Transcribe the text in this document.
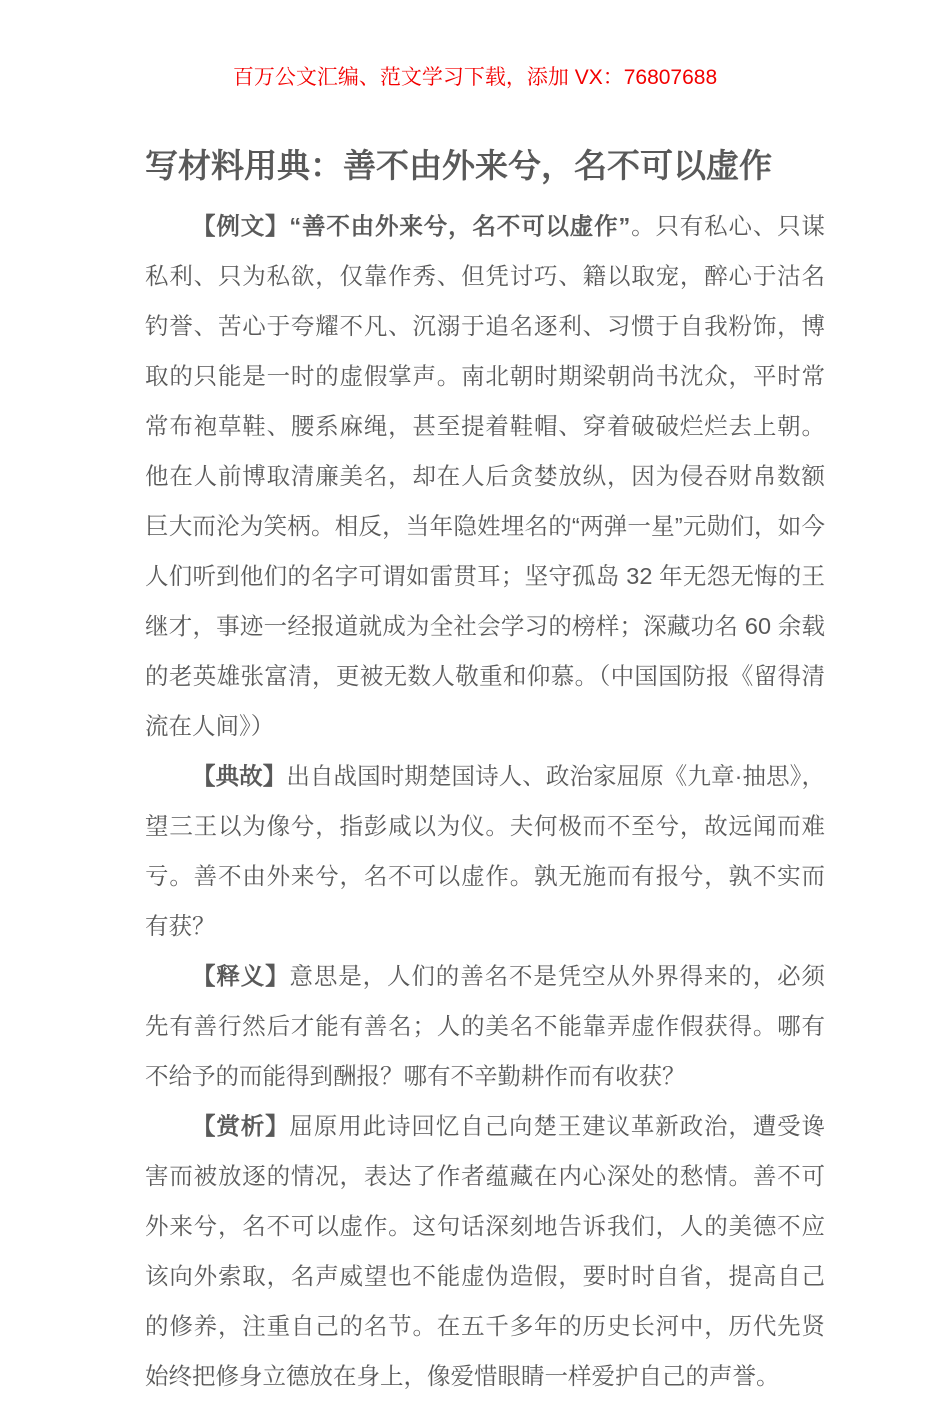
百万公文汇编、范文学习下载，添加 VX：76807688
写材料用典：善不由外来兮，名不可以虚作

【例文】“善不由外来兮，名不可以虚作”。只有私心、只谋私利、只为私欲，仅靠作秀、但凭讨巧、籍以取宠，醉心于沽名钓誉、苦心于夸耀不凡、沉溺于追名逐利、习惯于自我粉饰，博取的只能是一时的虚假掌声。南北朝时期梁朝尚书沈众，平时常常布袍草鞋、腰系麻绳，甚至提着鞋帽、穿着破破烂烂去上朝。他在人前博取清廉美名，却在人后贪婪放纵，因为侵吞财帛数额巨大而沦为笑柄。相反，当年隐姓埋名的“两弹一星”元勋们，如今人们听到他们的名字可谓如雷贯耳；坚守孤岛 32 年无怨无悔的王继才，事迹一经报道就成为全社会学习的榜样；深藏功名 60 余载的老英雄张富清，更被无数人敬重和仰慕。（中国国防报《留得清流在人间》）

【典故】出自战国时期楚国诗人、政治家屈原《九章·抽思》，望三王以为像兮，指彭咸以为仪。夫何极而不至兮，故远闻而难亏。善不由外来兮，名不可以虚作。孰无施而有报兮，孰不实而有获？

【释义】意思是，人们的善名不是凭空从外界得来的，必须先有善行然后才能有善名；人的美名不能靠弄虚作假获得。哪有不给予的而能得到酬报？哪有不辛勤耕作而有收获？

【赏析】屈原用此诗回忆自己向楚王建议革新政治，遭受谗害而被放逐的情况，表达了作者蕴藏在内心深处的愁情。善不可外来兮，名不可以虚作。这句话深刻地告诉我们，人的美德不应该向外索取，名声威望也不能虚伪造假，要时时自省，提高自己的修养，注重自己的名节。在五千多年的历史长河中，历代先贤始终把修身立德放在身上，像爱惜眼睛一样爱护自己的声誉。
